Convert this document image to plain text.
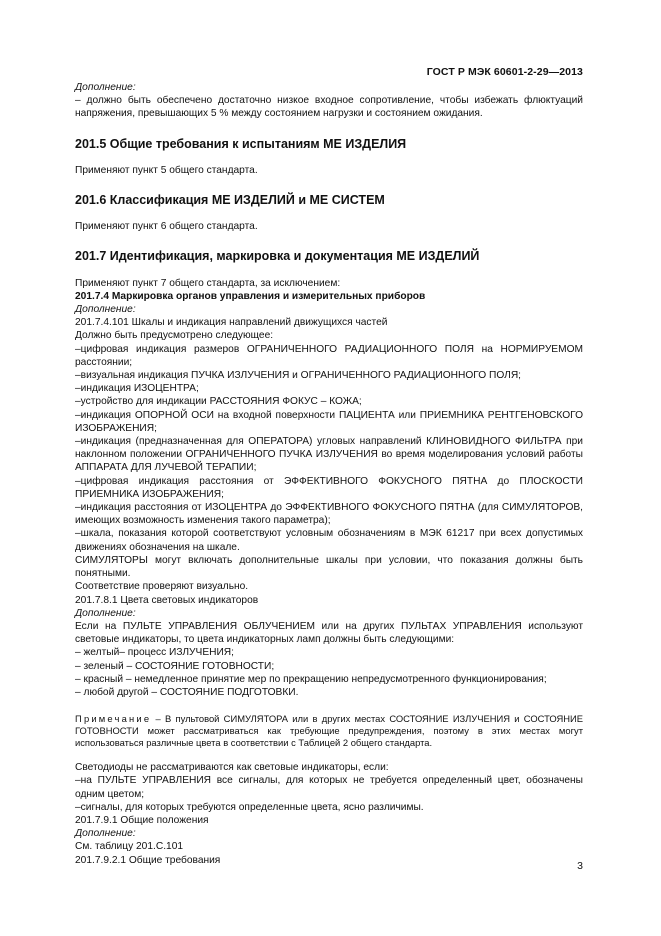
ГОСТ Р МЭК 60601-2-29—2013

Дополнение:

– должно быть обеспечено достаточно низкое входное сопротивление, чтобы избежать флюктуаций напряжения, превышающих 5 % между состоянием нагрузки и состоянием ожидания.

201.5 Общие требования к испытаниям МЕ ИЗДЕЛИЯ

Применяют пункт 5 общего стандарта.

201.6 Классификация МЕ ИЗДЕЛИЙ и МЕ СИСТЕМ

Применяют пункт 6 общего стандарта.

201.7 Идентификация, маркировка и документация МЕ ИЗДЕЛИЙ

Применяют пункт 7 общего стандарта, за исключением:

201.7.4 Маркировка органов управления и измерительных приборов

Дополнение:

201.7.4.101 Шкалы и индикация направлений движущихся частей

Должно быть предусмотрено следующее:

–цифровая индикация размеров ОГРАНИЧЕННОГО РАДИАЦИОННОГО ПОЛЯ на НОРМИРУЕМОМ расстоянии;

–визуальная индикация ПУЧКА ИЗЛУЧЕНИЯ и ОГРАНИЧЕННОГО РАДИАЦИОННОГО ПОЛЯ;

–индикация ИЗОЦЕНТРА;

–устройство для индикации РАССТОЯНИЯ ФОКУС – КОЖА;

–индикация ОПОРНОЙ ОСИ на входной поверхности ПАЦИЕНТА или ПРИЕМНИКА РЕНТГЕНОВСКОГО ИЗОБРАЖЕНИЯ;

–индикация (предназначенная для ОПЕРАТОРА) угловых направлений КЛИНОВИДНОГО ФИЛЬТРА при наклонном положении ОГРАНИЧЕННОГО ПУЧКА ИЗЛУЧЕНИЯ во время моделирования условий работы АППАРАТА ДЛЯ ЛУЧЕВОЙ ТЕРАПИИ;

–цифровая индикация расстояния от ЭФФЕКТИВНОГО ФОКУСНОГО ПЯТНА до ПЛОСКОСТИ ПРИЕМНИКА ИЗОБРАЖЕНИЯ;

–индикация расстояния от ИЗОЦЕНТРА до ЭФФЕКТИВНОГО ФОКУСНОГО ПЯТНА (для СИМУЛЯТОРОВ, имеющих возможность изменения такого параметра);

–шкала, показания которой соответствуют условным обозначениям в МЭК 61217 при всех допустимых движениях обозначения на шкале.

СИМУЛЯТОРЫ могут включать дополнительные шкалы при условии, что показания должны быть понятными.

Соответствие проверяют визуально.

201.7.8.1 Цвета световых индикаторов

Дополнение:

Если на ПУЛЬТЕ УПРАВЛЕНИЯ ОБЛУЧЕНИЕМ или на других ПУЛЬТАХ УПРАВЛЕНИЯ используют световые индикаторы, то цвета индикаторных ламп должны быть следующими:

– желтый– процесс ИЗЛУЧЕНИЯ;

– зеленый – СОСТОЯНИЕ ГОТОВНОСТИ;

– красный – немедленное принятие мер по прекращению непредусмотренного функционирования;

– любой другой – СОСТОЯНИЕ ПОДГОТОВКИ.

Примечание – В пультовой СИМУЛЯТОРА или в других местах СОСТОЯНИЕ ИЗЛУЧЕНИЯ и СОСТОЯНИЕ ГОТОВНОСТИ может рассматриваться как требующие предупреждения, поэтому в этих местах могут использоваться различные цвета в соответствии с Таблицей 2 общего стандарта.

Светодиоды не рассматриваются как световые индикаторы, если:

–на ПУЛЬТЕ УПРАВЛЕНИЯ все сигналы, для которых не требуется определенный цвет, обозначены одним цветом;

–сигналы, для которых требуются определенные цвета, ясно различимы.

201.7.9.1 Общие положения

Дополнение:

См. таблицу 201.С.101

201.7.9.2.1 Общие требования	3
